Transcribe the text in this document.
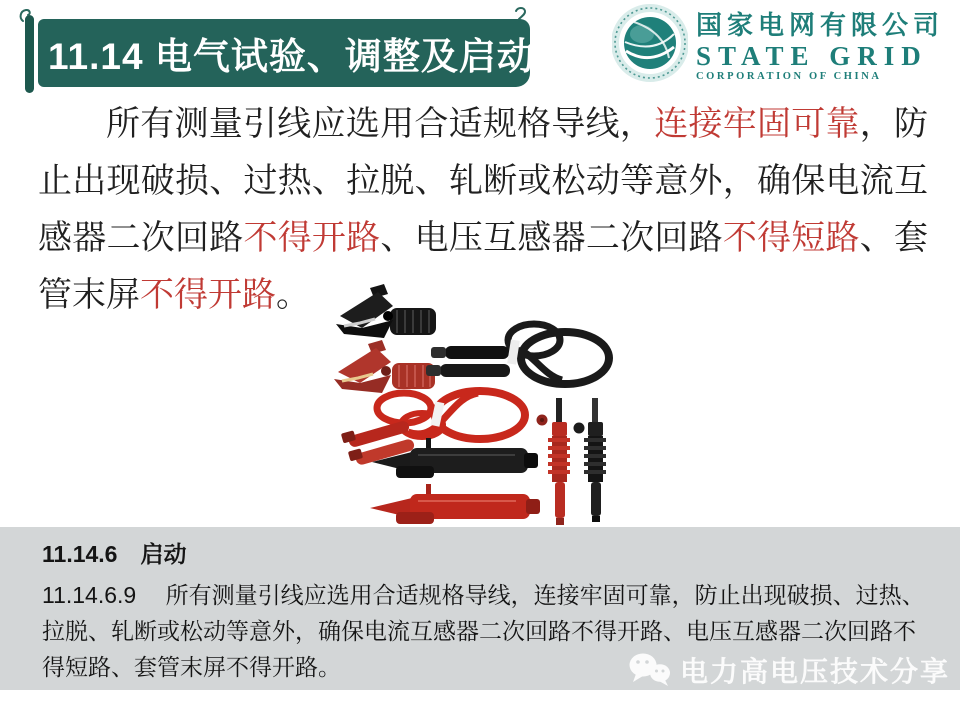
11.14 电气试验、调整及启动
国家电网有限公司
STATE GRID
CORPORATION OF CHINA

所有测量引线应选用合适规格导线，连接牢固可靠，防止出现破损、过热、拉脱、轧断或松动等意外，确保电流互感器二次回路不得开路、电压互感器二次回路不得短路、套管末屏不得开路。

11.14.6　启动
11.14.6.9　 所有测量引线应选用合适规格导线，连接牢固可靠，防止出现破损、过热、拉脱、轧断或松动等意外，确保电流互感器二次回路不得开路、电压互感器二次回路不得短路、套管末屏不得开路。	电力高电压技术分享
